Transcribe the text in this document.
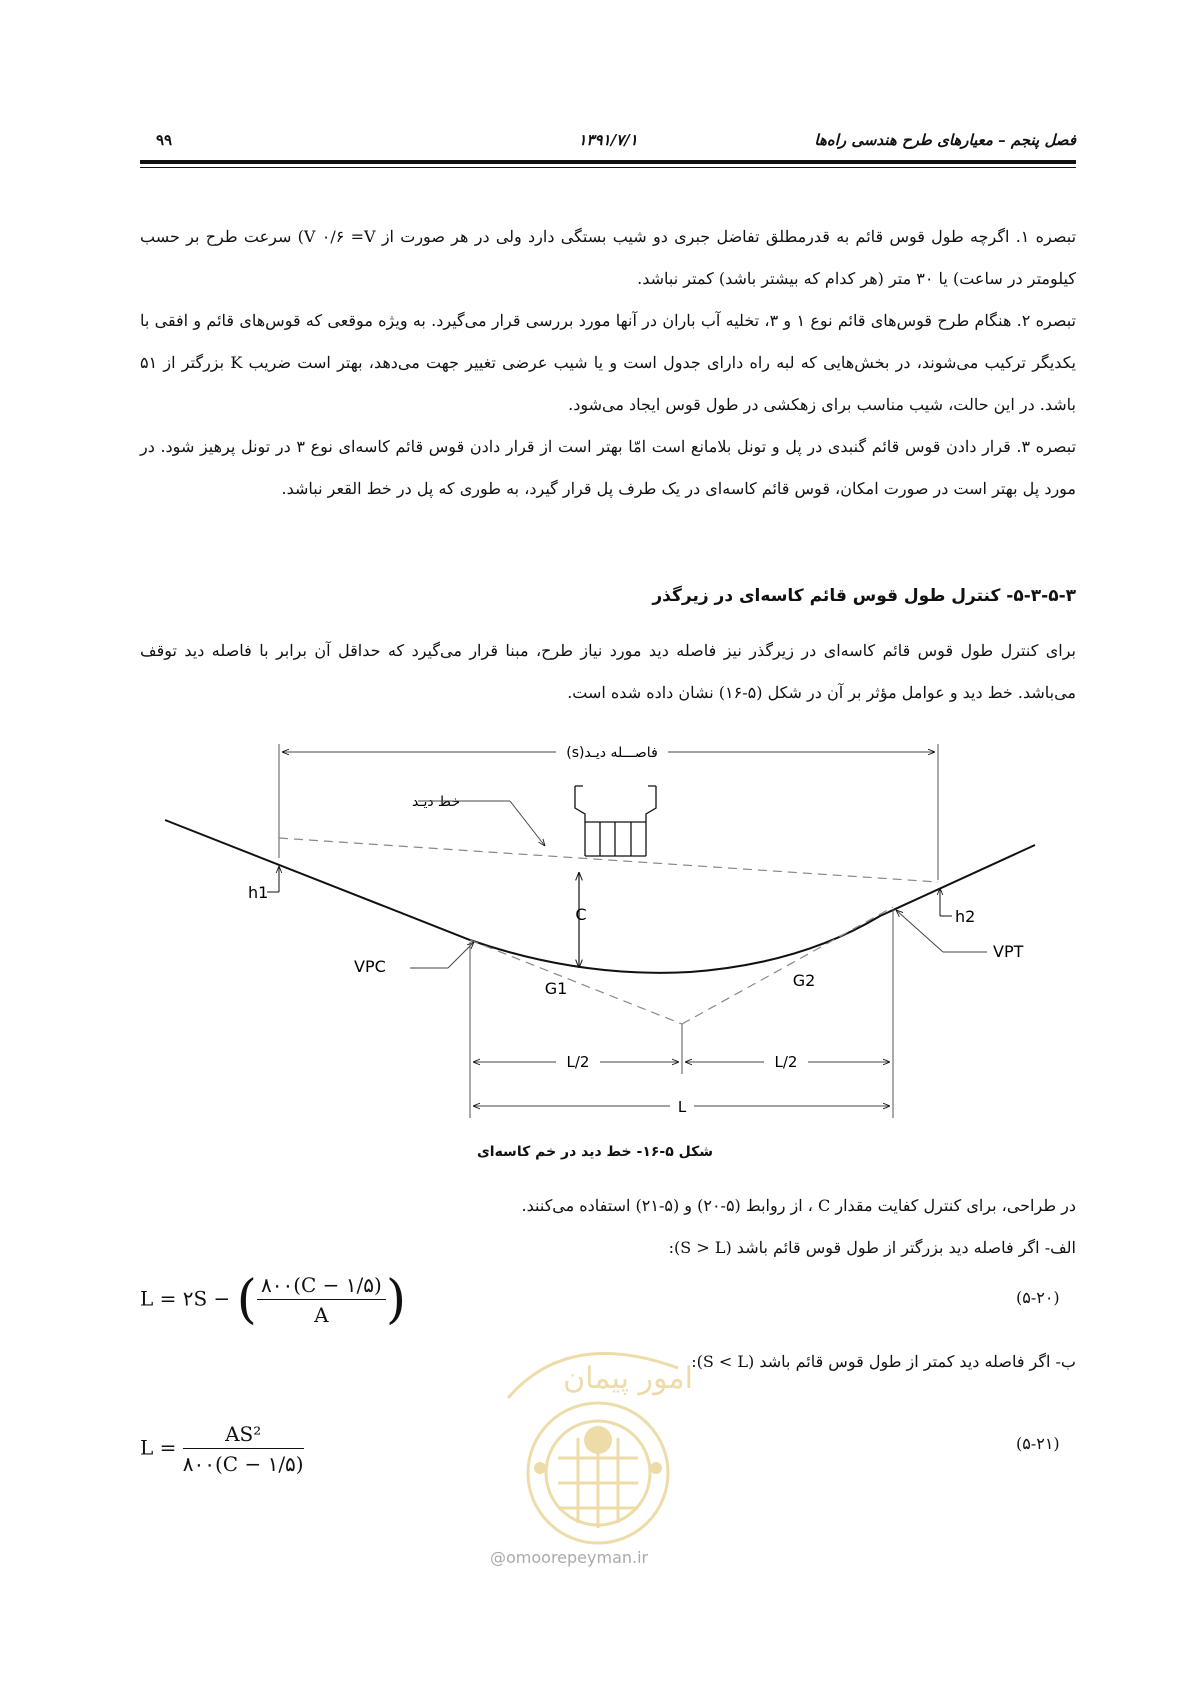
فصل پنجم – معیارهای طرح هندسی راه‌ها
۱۳۹۱/۷/۱
۹۹

تبصره ۱. اگرچه طول قوس قائم به قدرمطلق تفاضل جبری دو شیب بستگی دارد ولی در هر صورت از V ۰/۶ =V) سرعت طرح بر حسب کیلومتر در ساعت) یا ۳۰ متر (هر کدام که بیشتر باشد) کمتر نباشد.

تبصره ۲. هنگام طرح قوس‌های قائم نوع ۱ و ۳، تخلیه آب باران در آنها مورد بررسی قرار می‌گیرد. به ویژه موقعی که قوس‌های قائم و افقی با یکدیگر ترکیب می‌شوند، در بخش‌هایی که لبه راه دارای جدول است و یا شیب عرضی تغییر جهت می‌دهد، بهتر است ضریب K بزرگتر از ۵۱ باشد. در این حالت، شیب مناسب برای زهکشی در طول قوس ایجاد می‌شود.

تبصره ۳. قرار دادن قوس قائم گنبدی در پل و تونل بلامانع است امّا بهتر است از قرار دادن قوس قائم کاسه‌ای نوع ۳ در تونل پرهیز شود. در مورد پل بهتر است در صورت امکان، قوس قائم کاسه‌ای در یک طرف پل قرار گیرد، به طوری که پل در خط القعر نباشد.

۵-۳-۵-۳- کنترل طول قوس قائم کاسه‌ای در زیرگذر

برای کنترل طول قوس قائم کاسه‌ای در زیرگذر نیز فاصله دید مورد نیاز طرح، مبنا قرار می‌گیرد که حداقل آن برابر با فاصله دید توقف می‌باشد. خط دید و عوامل مؤثر بر آن در شکل (۵-۱۶) نشان داده شده است.

فاصـــله دیـد(s)
خط دیـد
G1	G2
C
h1
h2
VPC
VPT
L/2	L/2
L
شکل ۵-۱۶- خط دید در خم کاسه‌ای
در طراحی، برای کنترل کفایت مقدار C ، از روابط (۵-۲۰) و (۵-۲۱) استفاده می‌کنند.
الف- اگر فاصله دید بزرگتر از طول قوس قائم باشد (S > L):
L = ۲S − ( $\frac{۸۰۰(C - ۱/۵)}{A}$ )	(۵-۲۰)
ب- اگر فاصله دید کمتر از طول قوس قائم باشد (S < L):
$L = \frac{\text{AS²}}{۸۰۰(C - ۱/۵)}$	(۵-۲۱)
امور پیمان
@omoorepeyman.ir
